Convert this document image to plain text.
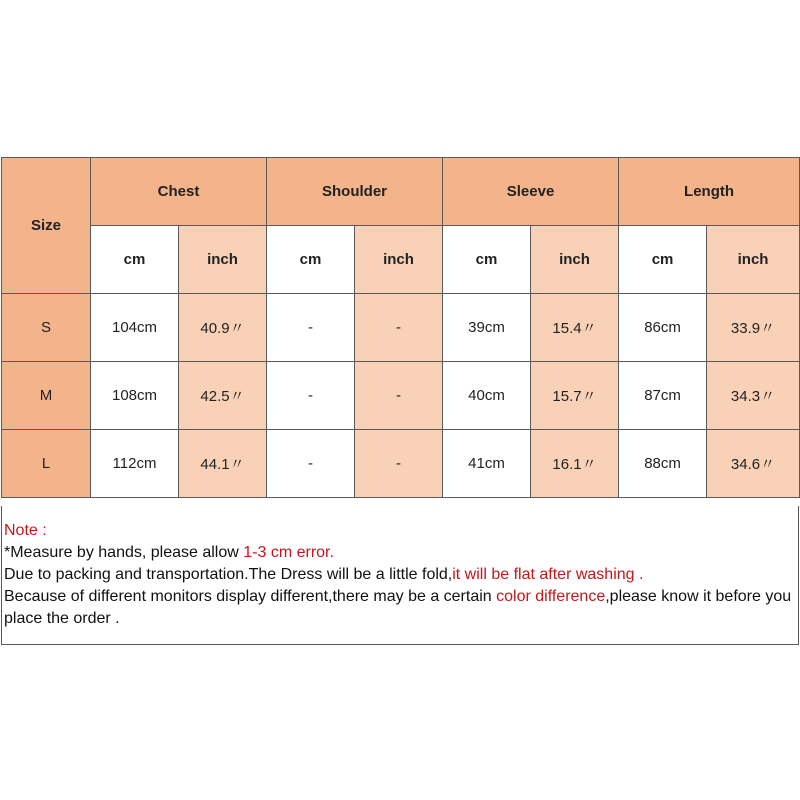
Size	Chest		Shoulder		Sleeve		Length	
	cm	inch	cm	inch	cm	inch	cm	inch
S	104cm	40.9〃	-	-	39cm	15.4〃	86cm	33.9〃
M	108cm	42.5〃	-	-	40cm	15.7〃	87cm	34.3〃
L	112cm	44.1〃	-	-	41cm	16.1〃	88cm	34.6〃

Note :

*Measure by hands, please allow 1-3 cm error.

Due to packing and transportation.The Dress will be a little fold,it will be flat after washing .

Because of different monitors display different,there may be a certain color difference,please know it before you place the order .
